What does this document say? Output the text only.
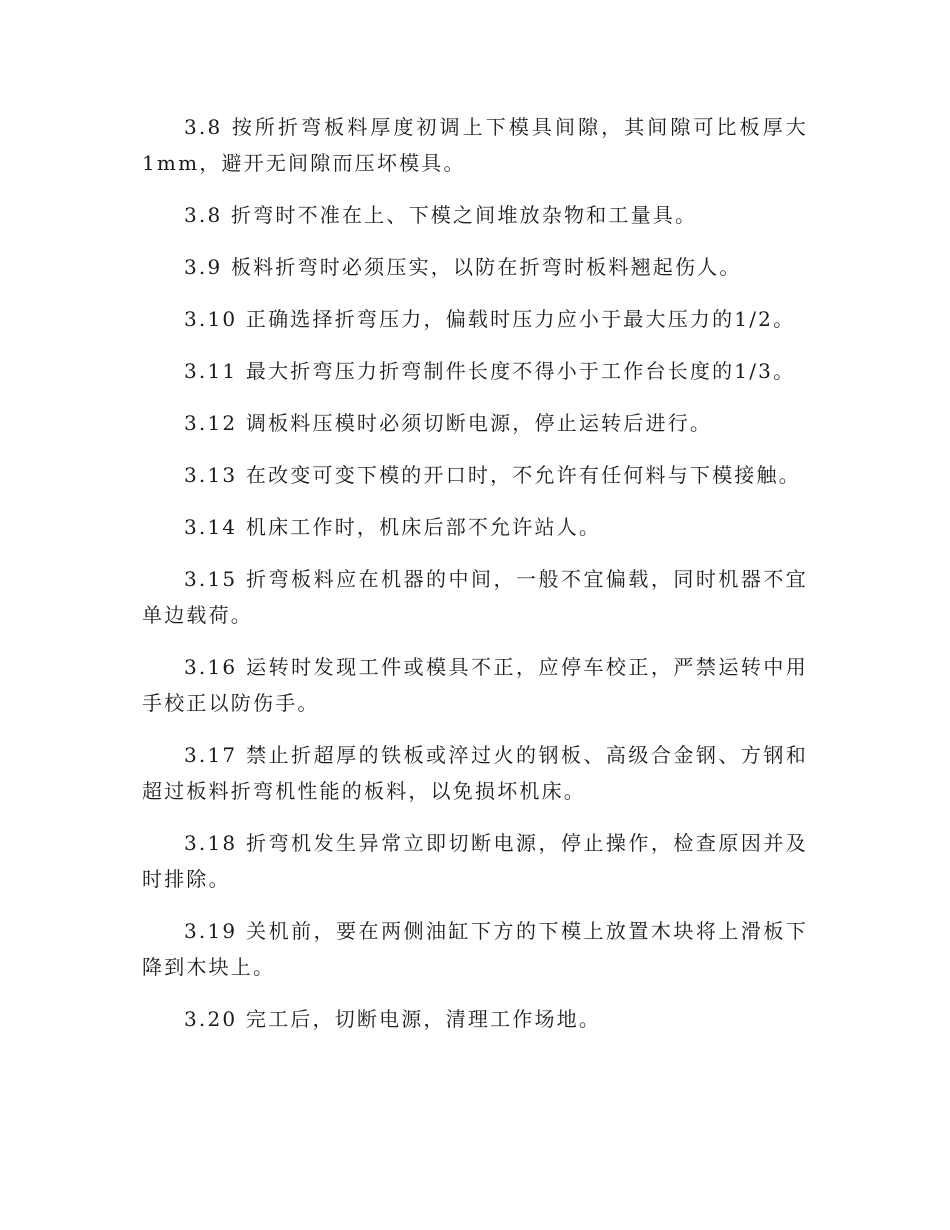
3.8 按所折弯板料厚度初调上下模具间隙，其间隙可比板厚大1mm，避开无间隙而压坏模具。

3.8 折弯时不准在上、下模之间堆放杂物和工量具。

3.9 板料折弯时必须压实，以防在折弯时板料翘起伤人。

3.10 正确选择折弯压力，偏载时压力应小于最大压力的1/2。

3.11 最大折弯压力折弯制件长度不得小于工作台长度的1/3。

3.12 调板料压模时必须切断电源，停止运转后进行。

3.13 在改变可变下模的开口时，不允许有任何料与下模接触。

3.14 机床工作时，机床后部不允许站人。

3.15 折弯板料应在机器的中间，一般不宜偏载，同时机器不宜单边载荷。

3.16 运转时发现工件或模具不正，应停车校正，严禁运转中用手校正以防伤手。

3.17 禁止折超厚的铁板或淬过火的钢板、高级合金钢、方钢和超过板料折弯机性能的板料，以免损坏机床。

3.18 折弯机发生异常立即切断电源，停止操作，检查原因并及时排除。

3.19 关机前，要在两侧油缸下方的下模上放置木块将上滑板下降到木块上。

3.20 完工后，切断电源，清理工作场地。
